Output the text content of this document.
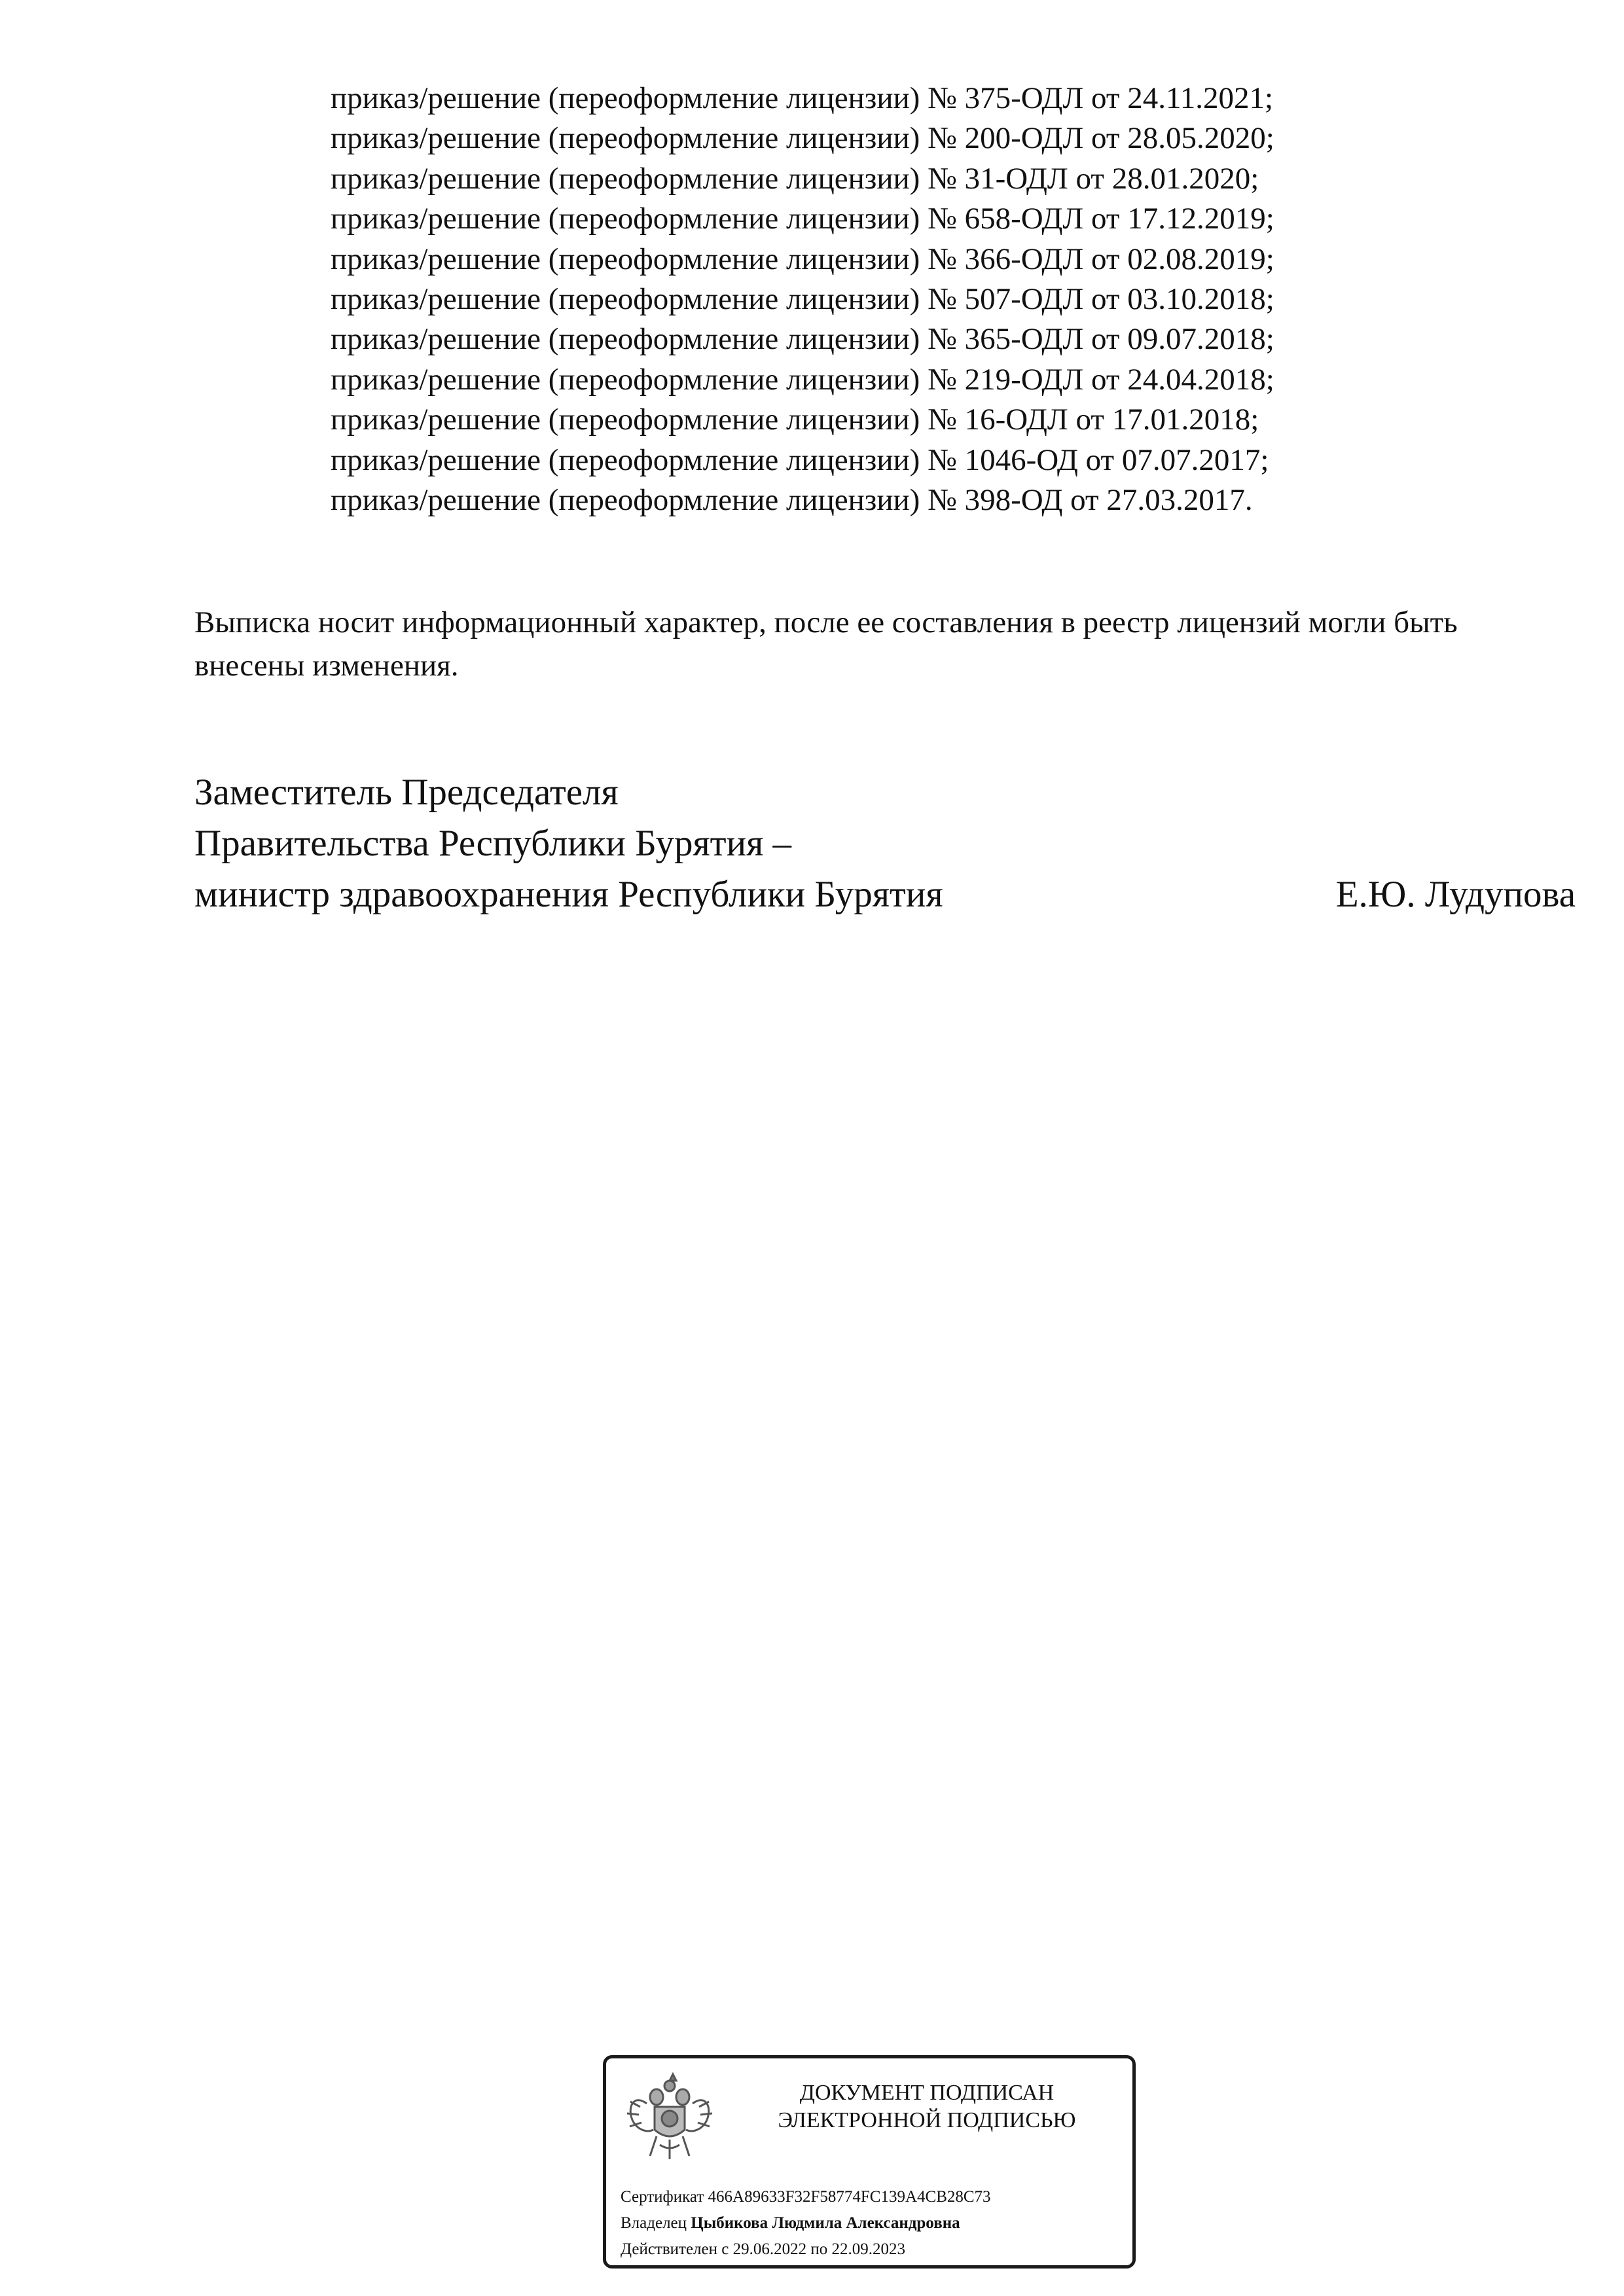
приказ/решение (переоформление лицензии) № 375-ОДЛ от 24.11.2021;
приказ/решение (переоформление лицензии) № 200-ОДЛ от 28.05.2020;
приказ/решение (переоформление лицензии) № 31-ОДЛ от 28.01.2020;
приказ/решение (переоформление лицензии) № 658-ОДЛ от 17.12.2019;
приказ/решение (переоформление лицензии) № 366-ОДЛ от 02.08.2019;
приказ/решение (переоформление лицензии) № 507-ОДЛ от 03.10.2018;
приказ/решение (переоформление лицензии) № 365-ОДЛ от 09.07.2018;
приказ/решение (переоформление лицензии) № 219-ОДЛ от 24.04.2018;
приказ/решение (переоформление лицензии) № 16-ОДЛ от 17.01.2018;
приказ/решение (переоформление лицензии) № 1046-ОД от 07.07.2017;
приказ/решение (переоформление лицензии) № 398-ОД от 27.03.2017.
Выписка носит информационный характер, после ее составления в реестр лицензий могли быть
внесены изменения.
Заместитель Председателя
Правительства Республики Бурятия –
министр здравоохранения Республики Бурятия	Е.Ю. Лудупова
ДОКУМЕНТ ПОДПИСАН
ЭЛЕКТРОННОЙ ПОДПИСЬЮ
Сертификат 466A89633F32F58774FC139A4CB28C73
Владелец Цыбикова Людмила Александровна
Действителен с 29.06.2022 по 22.09.2023
